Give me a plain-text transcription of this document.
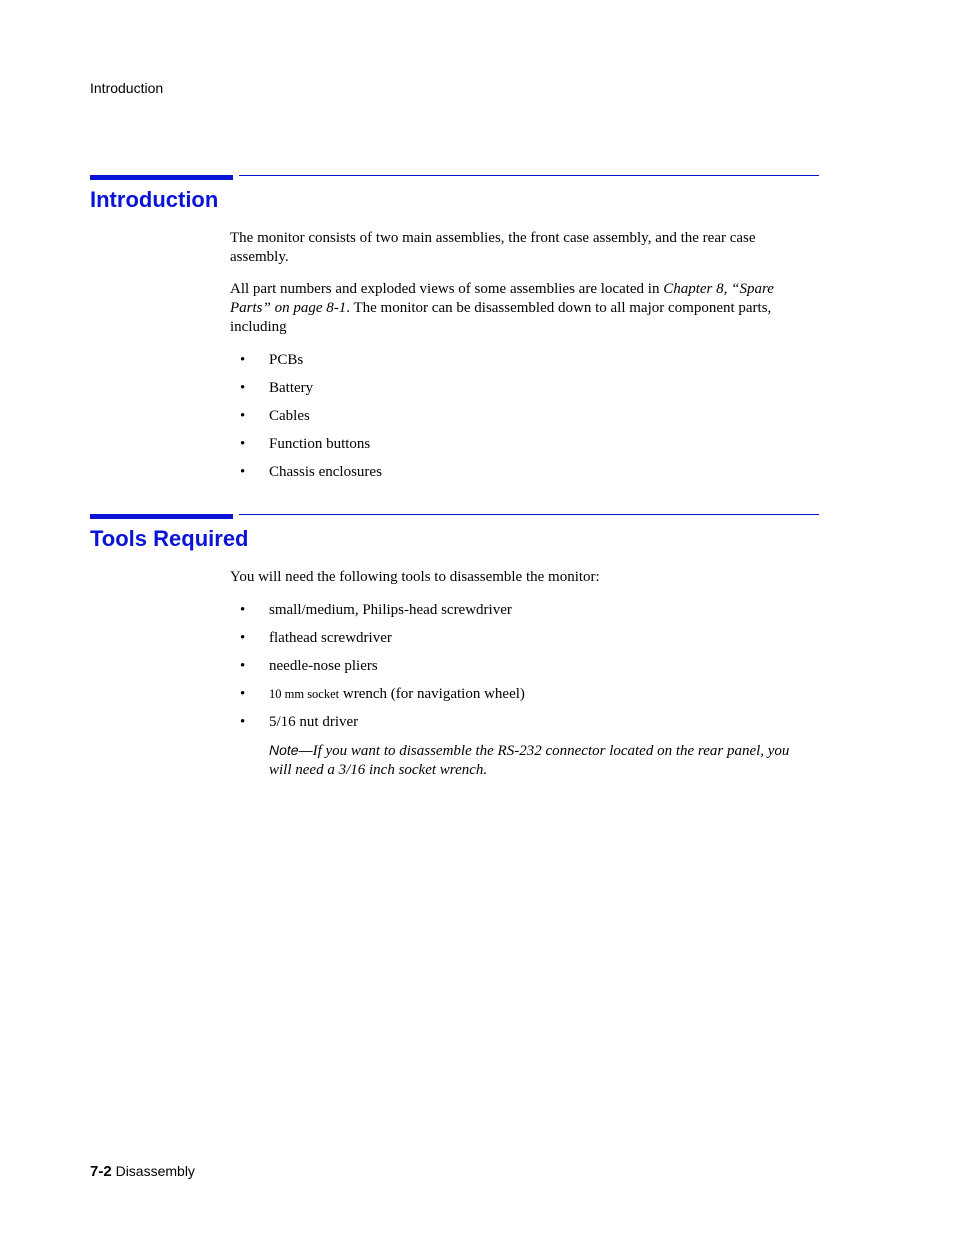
Introduction
Introduction

The monitor consists of two main assemblies, the front case assembly, and the rear case assembly.

All part numbers and exploded views of some assemblies are located in Chapter 8, “Spare Parts” on page 8-1. The monitor can be disassembled down to all major component parts, including

• PCBs
• Battery
• Cables
• Function buttons
• Chassis enclosures
Tools Required

You will need the following tools to disassemble the monitor:

• small/medium, Philips-head screwdriver
• flathead screwdriver
• needle-nose pliers
• 10 mm socket wrench (for navigation wheel)
• 5/16 nut driver

Note—If you want to disassemble the RS-232 connector located on the rear panel, you will need a 3/16 inch socket wrench.

7-2 Disassembly
